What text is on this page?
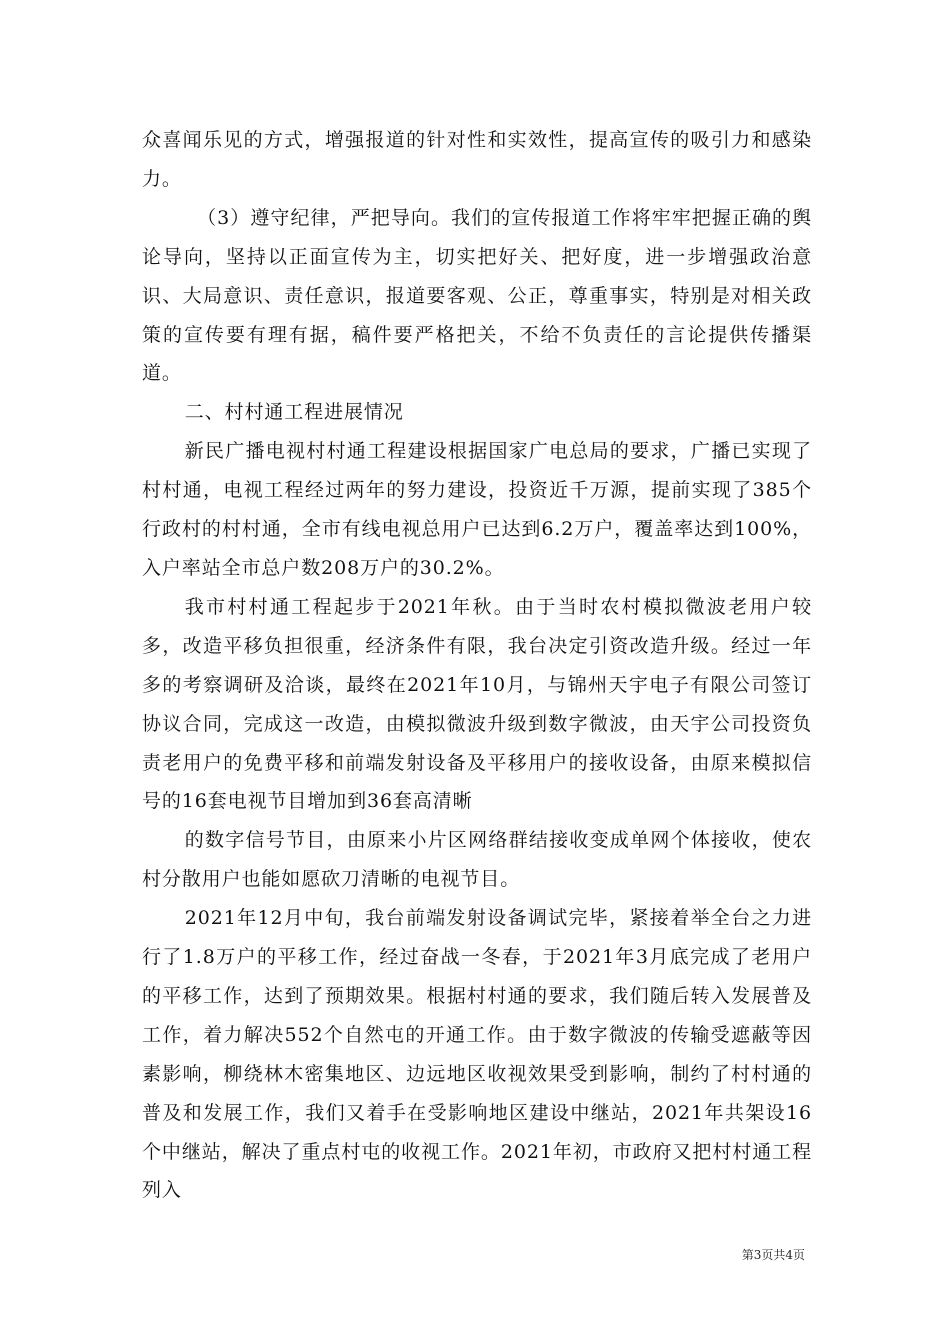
众喜闻乐见的方式，增强报道的针对性和实效性，提高宣传的吸引力和感染力。

（3）遵守纪律，严把导向。我们的宣传报道工作将牢牢把握正确的舆论导向，坚持以正面宣传为主，切实把好关、把好度，进一步增强政治意识、大局意识、责任意识，报道要客观、公正，尊重事实，特别是对相关政策的宣传要有理有据，稿件要严格把关，不给不负责任的言论提供传播渠道。

二、村村通工程进展情况

新民广播电视村村通工程建设根据国家广电总局的要求，广播已实现了村村通，电视工程经过两年的努力建设，投资近千万源，提前实现了385个行政村的村村通，全市有线电视总用户已达到6.2万户，覆盖率达到100%，入户率站全市总户数208万户的30.2%。

我市村村通工程起步于2021年秋。由于当时农村模拟微波老用户较多，改造平移负担很重，经济条件有限，我台决定引资改造升级。经过一年多的考察调研及洽谈，最终在2021年10月，与锦州天宇电子有限公司签订协议合同，完成这一改造，由模拟微波升级到数字微波，由天宇公司投资负责老用户的免费平移和前端发射设备及平移用户的接收设备，由原来模拟信号的16套电视节目增加到36套高清晰

的数字信号节目，由原来小片区网络群结接收变成单网个体接收，使农村分散用户也能如愿砍刀清晰的电视节目。

2021年12月中旬，我台前端发射设备调试完毕，紧接着举全台之力进行了1.8万户的平移工作，经过奋战一冬春，于2021年3月底完成了老用户的平移工作，达到了预期效果。根据村村通的要求，我们随后转入发展普及工作，着力解决552个自然屯的开通工作。由于数字微波的传输受遮蔽等因素影响，柳绕林木密集地区、边远地区收视效果受到影响，制约了村村通的普及和发展工作，我们又着手在受影响地区建设中继站，2021年共架设16个中继站，解决了重点村屯的收视工作。2021年初，市政府又把村村通工程列入

第3页共4页
